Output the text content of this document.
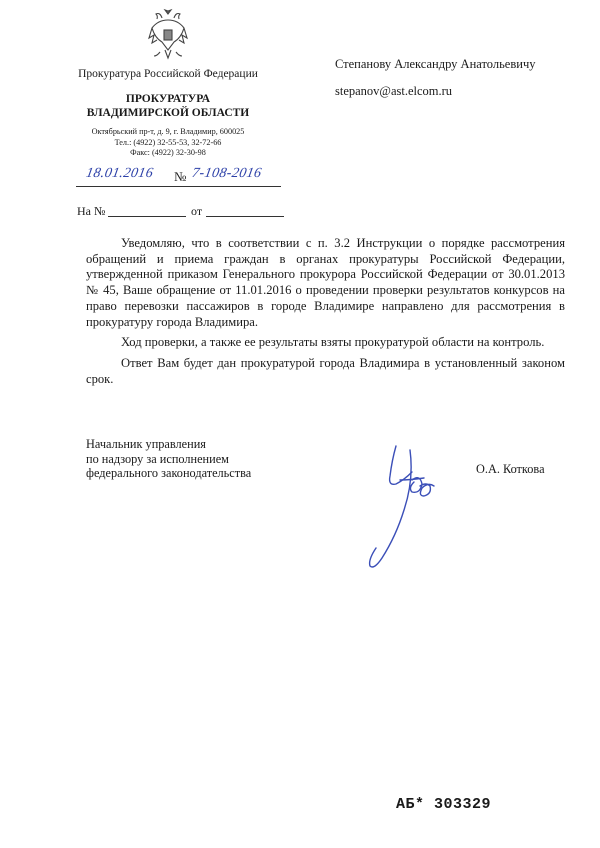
Прокуратура Российской Федерации
ПРОКУРАТУРА
ВЛАДИМИРСКОЙ ОБЛАСТИ
Октябрьский пр-т, д. 9, г. Владимир, 600025
Тел.: (4922) 32-55-53, 32-72-66
Факс: (4922) 32-30-98
Степанову Александру Анатольевичу
stepanov@ast.elcom.ru
18.01.2016 № 7-108-2016
На №	от

Уведомляю, что в соответствии с п. 3.2 Инструкции о порядке рассмотрения обращений и приема граждан в органах прокуратуры Российской Федерации, утвержденной приказом Генерального прокурора Российской Федерации от 30.01.2013 № 45, Ваше обращение от 11.01.2016 о проведении проверки результатов конкурсов на право перевозки пассажиров в городе Владимире направлено для рассмотрения в прокуратуру города Владимира.

Ход проверки, а также ее результаты взяты прокуратурой области на контроль.

Ответ Вам будет дан прокуратурой города Владимира в установленный законом срок.

Начальник управления
по надзору за исполнением
федерального законодательства	О.А. Коткова
АБ* 303329
